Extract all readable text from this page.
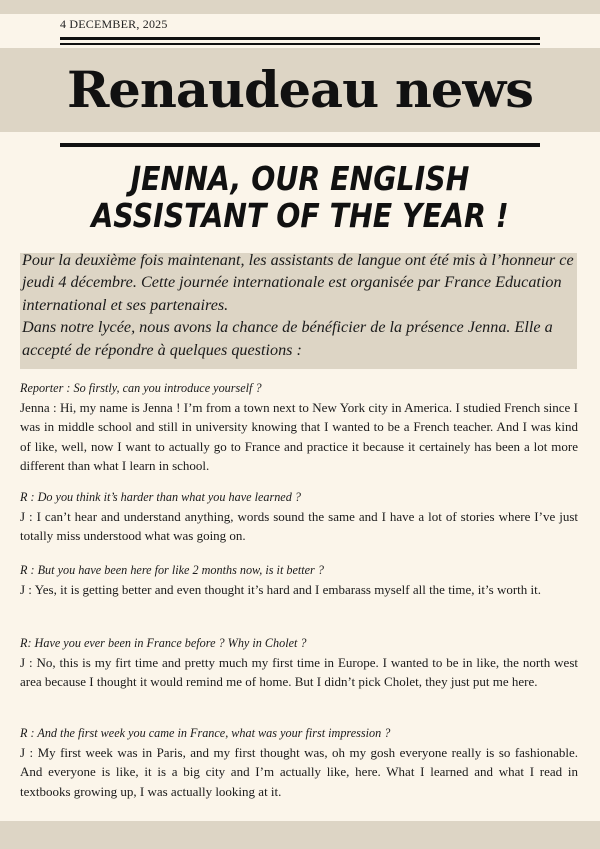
4 DECEMBER, 2025
Renaudeau news
JENNA, OUR ENGLISH
ASSISTANT OF THE YEAR !

Pour la deuxième fois maintenant, les assistants de langue ont été mis à l’honneur ce jeudi 4 décembre. Cette journée internationale est organisée par France Education international et ses partenaires.

Dans notre lycée, nous avons la chance de bénéficier de la présence Jenna. Elle a accepté de répondre à quelques questions :

Reporter : So firstly, can you introduce yourself ?

Jenna : Hi, my name is Jenna ! I’m from a town next to New York city in America. I studied French since I was in middle school and still in university knowing that I wanted to be a French teacher. And I was kind of like, well, now I want to actually go to France and practice it because it certainely has been a lot more different than what I learn in school.

R : Do you think it’s harder than what you have learned ?

J : I can’t hear and understand anything, words sound the same and I have a lot of stories where I’ve just totally miss understood what was going on.

R : But you have been here for like 2 months now, is it better ?

J : Yes, it is getting better and even thought it’s hard and I embarass myself all the time, it’s worth it.

R: Have you ever been in France before ? Why in Cholet ?

J : No, this is my firt time and pretty much my first time in Europe. I wanted to be in like, the north west area because I thought it would remind me of home. But I didn’t pick Cholet, they just put me here.

R : And the first week you came in France, what was your first impression ?

J : My first week was in Paris, and my first thought was, oh my gosh everyone really is so fashionable. And everyone is like, it is a big city and I’m actually like, here. What I learned and what I read in textbooks growing up, I was actually looking at it.
